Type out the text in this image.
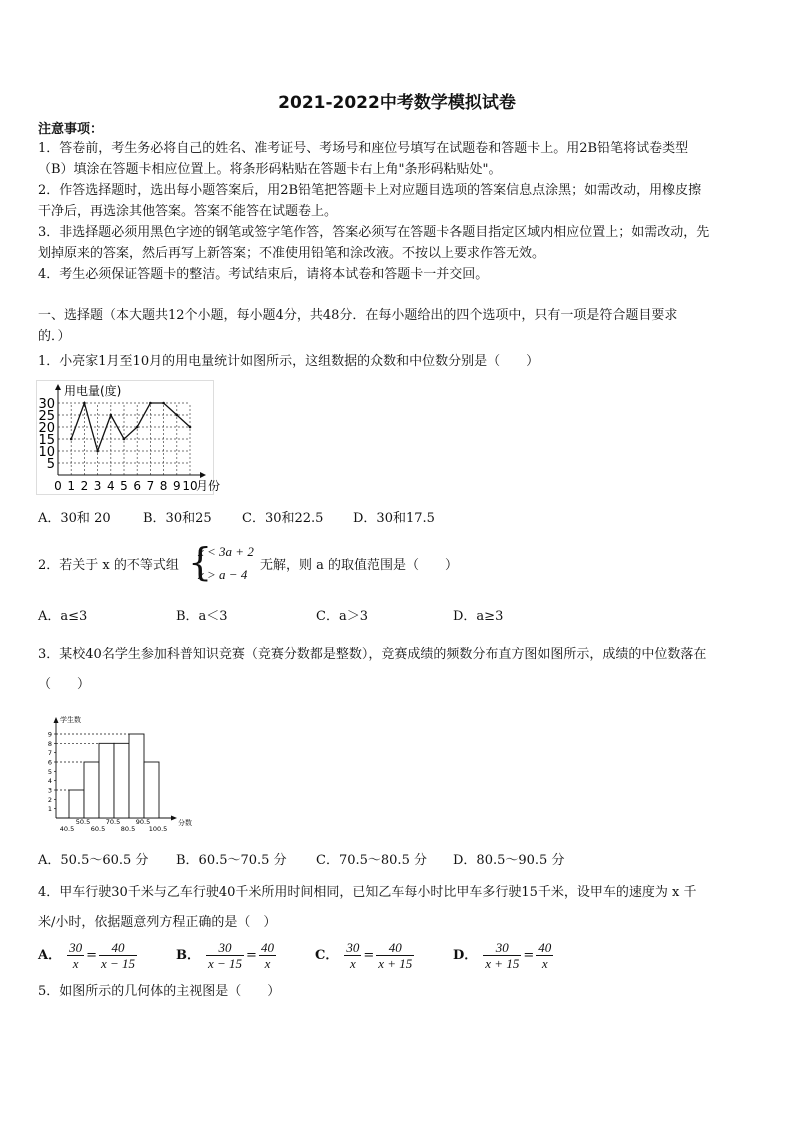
2021-2022中考数学模拟试卷
注意事项：
1．答卷前，考生务必将自己的姓名、准考证号、考场号和座位号填写在试题卷和答题卡上。用2B铅笔将试卷类型
（B）填涂在答题卡相应位置上。将条形码粘贴在答题卡右上角"条形码粘贴处"。
2．作答选择题时，选出每小题答案后，用2B铅笔把答题卡上对应题目选项的答案信息点涂黑；如需改动，用橡皮擦
干净后，再选涂其他答案。答案不能答在试题卷上。
3．非选择题必须用黑色字迹的钢笔或签字笔作答，答案必须写在答题卡各题目指定区域内相应位置上；如需改动，先
划掉原来的答案，然后再写上新答案；不准使用铅笔和涂改液。不按以上要求作答无效。
4．考生必须保证答题卡的整洁。考试结束后，请将本试卷和答题卡一并交回。
一、选择题（本大题共12个小题，每小题4分，共48分．在每小题给出的四个选项中，只有一项是符合题目要求
的．）
1．小亮家1月至10月的用电量统计如图所示，这组数据的众数和中位数分别是（　　）
5
10
15
20
25
30
0 1 2 3 4 5 6 7 8 9 10
用电量(度)
月份
A．30和 20 B．30和25 C．30和22.5 D．30和17.5
2．若关于 x 的不等式组 {
x < 3a + 2
x > a − 4
无解，则 a 的取值范围是（　　）
A．a≤3	B．a＜3	C．a＞3	D．a≥3
3．某校40名学生参加科普知识竞赛（竞赛分数都是整数），竞赛成绩的频数分布直方图如图所示，成绩的中位数落在
（　　）
1
2
3
4
5
6
7
8
9
40.5
50.5
60.5
70.5
80.5
90.5
100.5
学生数
分数
A．50.5～60.5 分 B．60.5～70.5 分 C．70.5～80.5 分 D．80.5～90.5 分
4．甲车行驶30千米与乙车行驶40千米所用时间相同，已知乙车每小时比甲车多行驶15千米，设甲车的速度为 x 千
米/小时，依据题意列方程正确的是（　）
A． $\frac{30}{x} = \frac{40}{x - 15}$	B． $\frac{30}{x - 15} = \frac{40}{x}$	C． $\frac{30}{x} = \frac{40}{x + 15}$	D． $\frac{30}{x + 15} = \frac{40}{x}$
5．如图所示的几何体的主视图是（　　）
